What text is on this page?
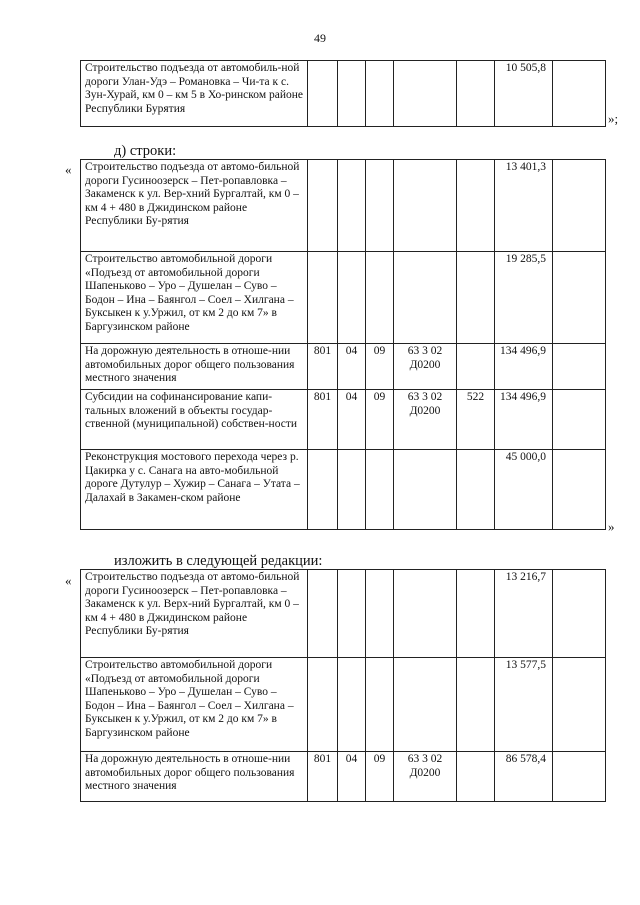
49
Строительство подъезда от автомобиль-ной дороги Улан-Удэ – Романовка – Чи-та к с. Зун-Хурай, км 0 – км 5 в Хо-ринском районе Республики Бурятия						10 505,8	
»;
д) строки:
« Строительство подъезда от автомо-бильной дороги Гусиноозерск – Пет-ропавловка – Закаменск к ул. Вер-хний Бургалтай, км 0 – км 4 + 480 в Джидинском районе Республики Бу-рятия						13 401,3	
Строительство автомобильной дороги «Подъезд от автомобильной дороги Шапеньково – Уро – Душелан – Суво – Бодон – Ина – Баянгол – Соел – Хилгана – Буксыкен к у.Уржил, от км 2 до км 7» в Баргузинском районе						19 285,5	
На дорожную деятельность в отноше-нии автомобильных дорог общего пользования местного значения	801	04	09	63 3 02 Д0200		134 496,9	
Субсидии на софинансирование капи-тальных вложений в объекты государ-ственной (муниципальной) собствен-ности	801	04	09	63 3 02 Д0200	522	134 496,9	
Реконструкция мостового перехода через р. Цакирка у с. Санага на авто-мобильной дороге Дутулур – Хужир – Санага – Утата – Далахай в Закамен-ском районе						45 000,0	
»
изложить в следующей редакции:
« Строительство подъезда от автомо-бильной дороги Гусиноозерск – Пет-ропавловка – Закаменск к ул. Верх-ний Бургалтай, км 0 – км 4 + 480 в Джидинском районе Республики Бу-рятия						13 216,7	
Строительство автомобильной дороги «Подъезд от автомобильной дороги Шапеньково – Уро – Душелан – Суво – Бодон – Ина – Баянгол – Соел – Хилгана – Буксыкен к у.Уржил, от км 2 до км 7» в Баргузинском районе						13 577,5	
На дорожную деятельность в отноше-нии автомобильных дорог общего пользования местного значения	801	04	09	63 3 02 Д0200		86 578,4	
